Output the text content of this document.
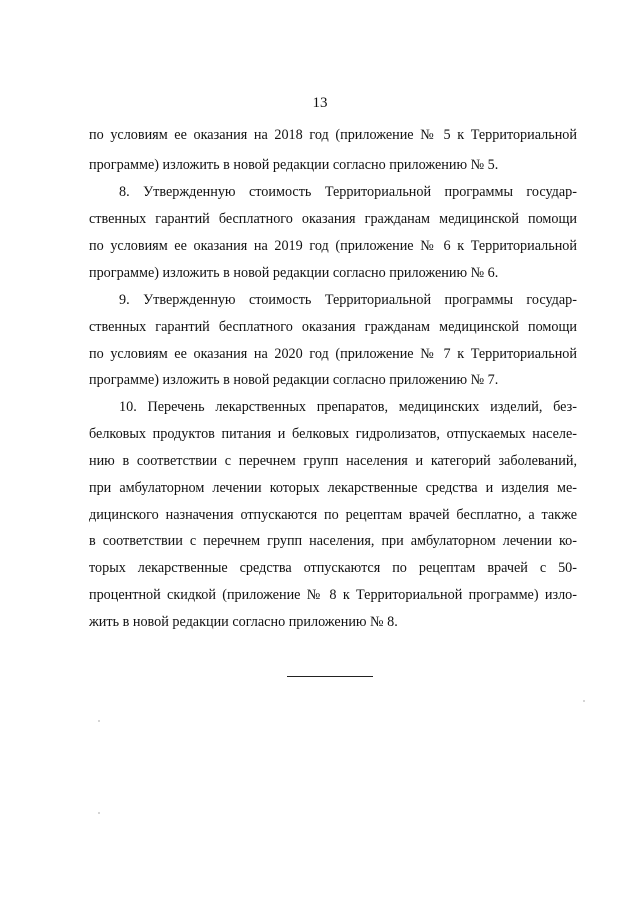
13
по условиям ее оказания на 2018 год (приложение № 5 к Территориальной
программе) изложить в новой редакции согласно приложению № 5.
8. Утвержденную стоимость Территориальной программы государ-
ственных гарантий бесплатного оказания гражданам медицинской помощи
по условиям ее оказания на 2019 год (приложение № 6 к Территориальной
программе) изложить в новой редакции согласно приложению № 6.
9. Утвержденную стоимость Территориальной программы государ-
ственных гарантий бесплатного оказания гражданам медицинской помощи
по условиям ее оказания на 2020 год (приложение № 7 к Территориальной
программе) изложить в новой редакции согласно приложению № 7.
10. Перечень лекарственных препаратов, медицинских изделий, без-
белковых продуктов питания и белковых гидролизатов, отпускаемых населе-
нию в соответствии с перечнем групп населения и категорий заболеваний,
при амбулаторном лечении которых лекарственные средства и изделия ме-
дицинского назначения отпускаются по рецептам врачей бесплатно, а также
в соответствии с перечнем групп населения, при амбулаторном лечении ко-
торых лекарственные средства отпускаются по рецептам врачей с 50-
процентной скидкой (приложение № 8 к Территориальной программе) изло-
жить в новой редакции согласно приложению № 8.
